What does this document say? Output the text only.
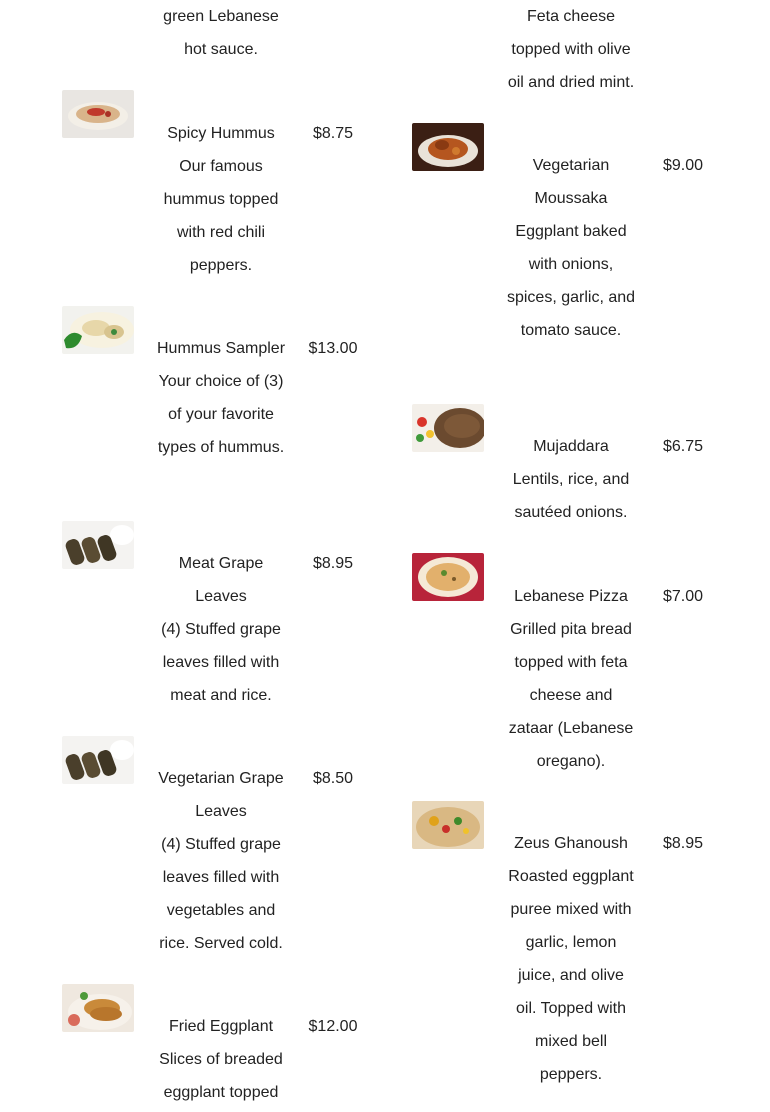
green Lebanese hot sauce.
Spicy Hummus
Our famous hummus topped with red chili peppers.
$8.75
Hummus Sampler
Your choice of (3) of your favorite types of hummus.
$13.00
Meat Grape Leaves
(4) Stuffed grape leaves filled with meat and rice.
$8.95
Vegetarian Grape Leaves
(4) Stuffed grape leaves filled with vegetables and rice. Served cold.
$8.50
Fried Eggplant
Slices of breaded eggplant topped
$12.00
Feta cheese topped with olive oil and dried mint.
Vegetarian Moussaka
Eggplant baked with onions, spices, garlic, and tomato sauce.
$9.00
Mujaddara
Lentils, rice, and sautéed onions.
$6.75
Lebanese Pizza
Grilled pita bread topped with feta cheese and zataar (Lebanese oregano).
$7.00
Zeus Ghanoush
Roasted eggplant puree mixed with garlic, lemon juice, and olive oil. Topped with mixed bell peppers.
$8.95
